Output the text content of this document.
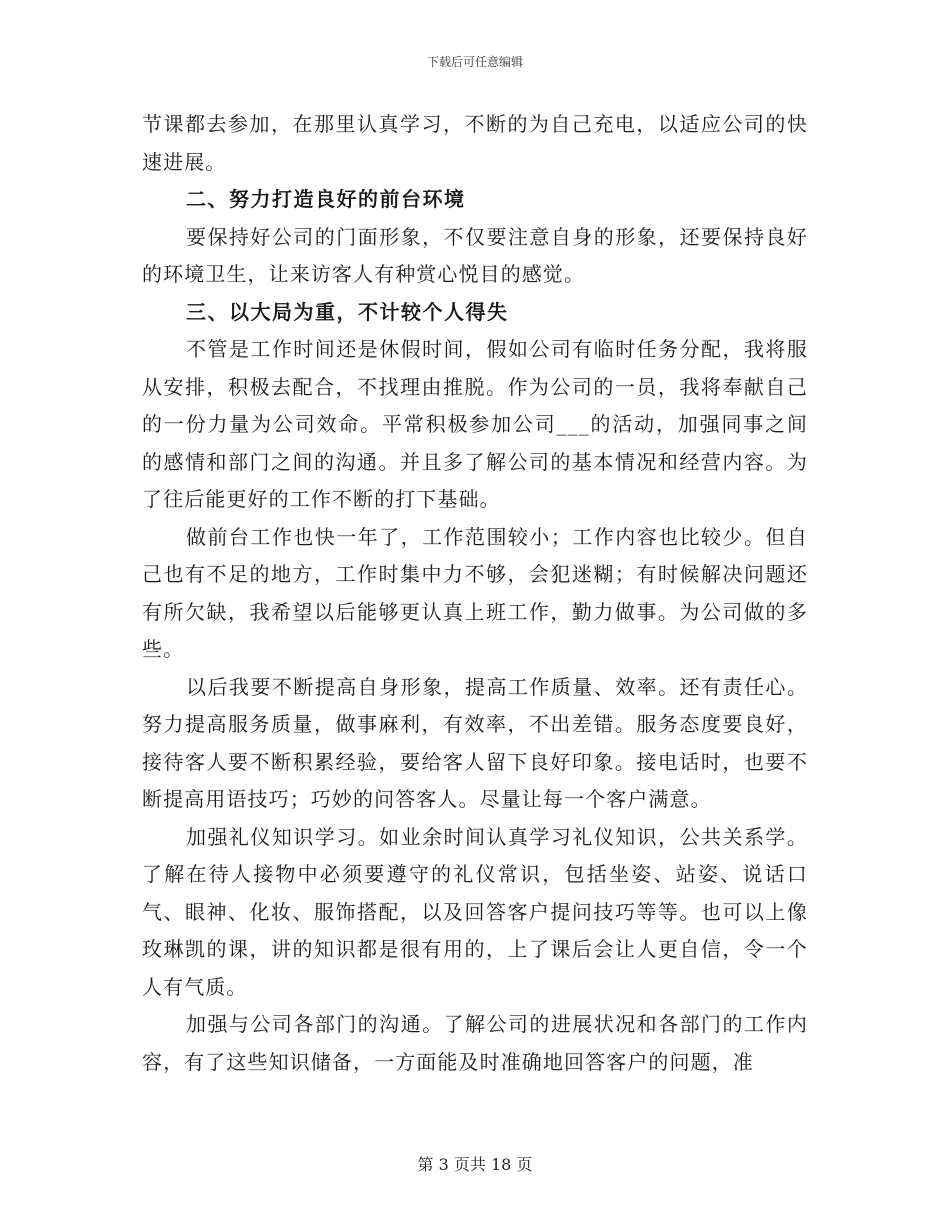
下载后可任意编辑

节课都去参加，在那里认真学习，不断的为自己充电，以适应公司的快速进展。

二、努力打造良好的前台环境

要保持好公司的门面形象，不仅要注意自身的形象，还要保持良好的环境卫生，让来访客人有种赏心悦目的感觉。

三、以大局为重，不计较个人得失

不管是工作时间还是休假时间，假如公司有临时任务分配，我将服从安排，积极去配合，不找理由推脱。作为公司的一员，我将奉献自己的一份力量为公司效命。平常积极参加公司___的活动，加强同事之间的感情和部门之间的沟通。并且多了解公司的基本情况和经营内容。为了往后能更好的工作不断的打下基础。

做前台工作也快一年了，工作范围较小；工作内容也比较少。但自己也有不足的地方，工作时集中力不够，会犯迷糊；有时候解决问题还有所欠缺，我希望以后能够更认真上班工作，勤力做事。为公司做的多些。

以后我要不断提高自身形象，提高工作质量、效率。还有责任心。努力提高服务质量，做事麻利，有效率，不出差错。服务态度要良好，接待客人要不断积累经验，要给客人留下良好印象。接电话时，也要不断提高用语技巧；巧妙的问答客人。尽量让每一个客户满意。

加强礼仪知识学习。如业余时间认真学习礼仪知识，公共关系学。了解在待人接物中必须要遵守的礼仪常识，包括坐姿、站姿、说话口气、眼神、化妆、服饰搭配，以及回答客户提问技巧等等。也可以上像玫琳凯的课，讲的知识都是很有用的，上了课后会让人更自信，令一个人有气质。

加强与公司各部门的沟通。了解公司的进展状况和各部门的工作内容，有了这些知识储备，一方面能及时准确地回答客户的问题，准

第 3 页共 18 页
